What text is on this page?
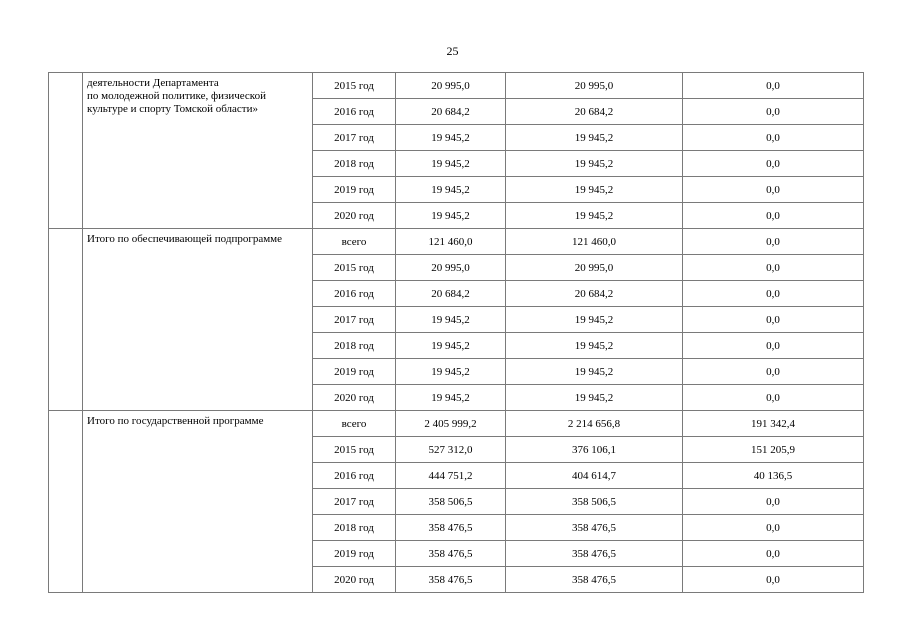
25

	деятельности Департамента
по молодежной политике, физической
культуре и спорту Томской области»	2015 год	20 995,0	20 995,0	0,0
		2016 год	20 684,2	20 684,2	0,0
		2017 год	19 945,2	19 945,2	0,0
		2018 год	19 945,2	19 945,2	0,0
		2019 год	19 945,2	19 945,2	0,0
		2020 год	19 945,2	19 945,2	0,0

	Итого по обеспечивающей подпрограмме	всего	121 460,0	121 460,0	0,0
		2015 год	20 995,0	20 995,0	0,0
		2016 год	20 684,2	20 684,2	0,0
		2017 год	19 945,2	19 945,2	0,0
		2018 год	19 945,2	19 945,2	0,0
		2019 год	19 945,2	19 945,2	0,0
		2020 год	19 945,2	19 945,2	0,0

	Итого по государственной программе	всего	2 405 999,2	2 214 656,8	191 342,4
		2015 год	527 312,0	376 106,1	151 205,9
		2016 год	444 751,2	404 614,7	40 136,5
		2017 год	358 506,5	358 506,5	0,0
		2018 год	358 476,5	358 476,5	0,0
		2019 год	358 476,5	358 476,5	0,0
		2020 год	358 476,5	358 476,5	0,0
